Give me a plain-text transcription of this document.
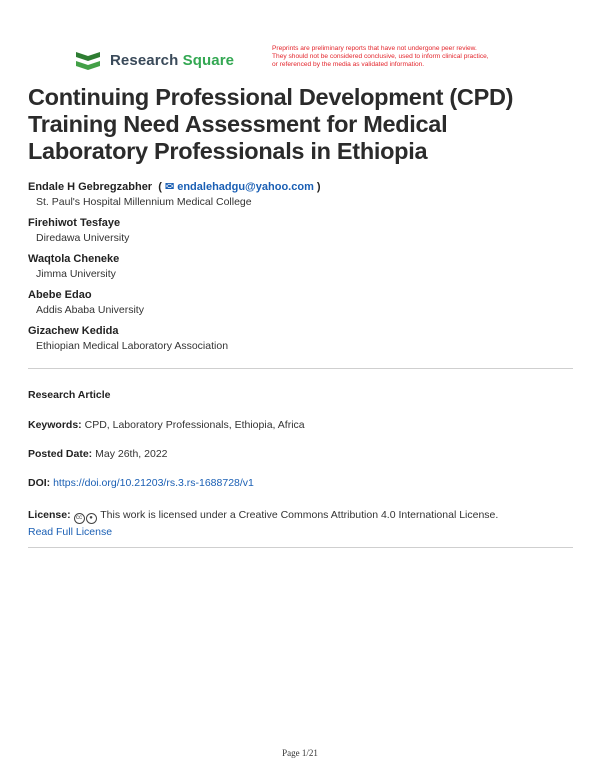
Research Square
Preprints are preliminary reports that have not undergone peer review.
They should not be considered conclusive, used to inform clinical practice,
or referenced by the media as validated information.
Continuing Professional Development (CPD) Training Need Assessment for Medical Laboratory Professionals in Ethiopia
Endale H Gebregzabher  ( ✉ endalehadgu@yahoo.com )
St. Paul's Hospital Millennium Medical College
Firehiwot Tesfaye
Diredawa University
Waqtola Cheneke
Jimma University
Abebe Edao
Addis Ababa University
Gizachew Kedida
Ethiopian Medical Laboratory Association
Research Article
Keywords: CPD, Laboratory Professionals, Ethiopia, Africa
Posted Date: May 26th, 2022
DOI: https://doi.org/10.21203/rs.3.rs-1688728/v1
License: cc ● This work is licensed under a Creative Commons Attribution 4.0 International License.
Read Full License
Page 1/21
